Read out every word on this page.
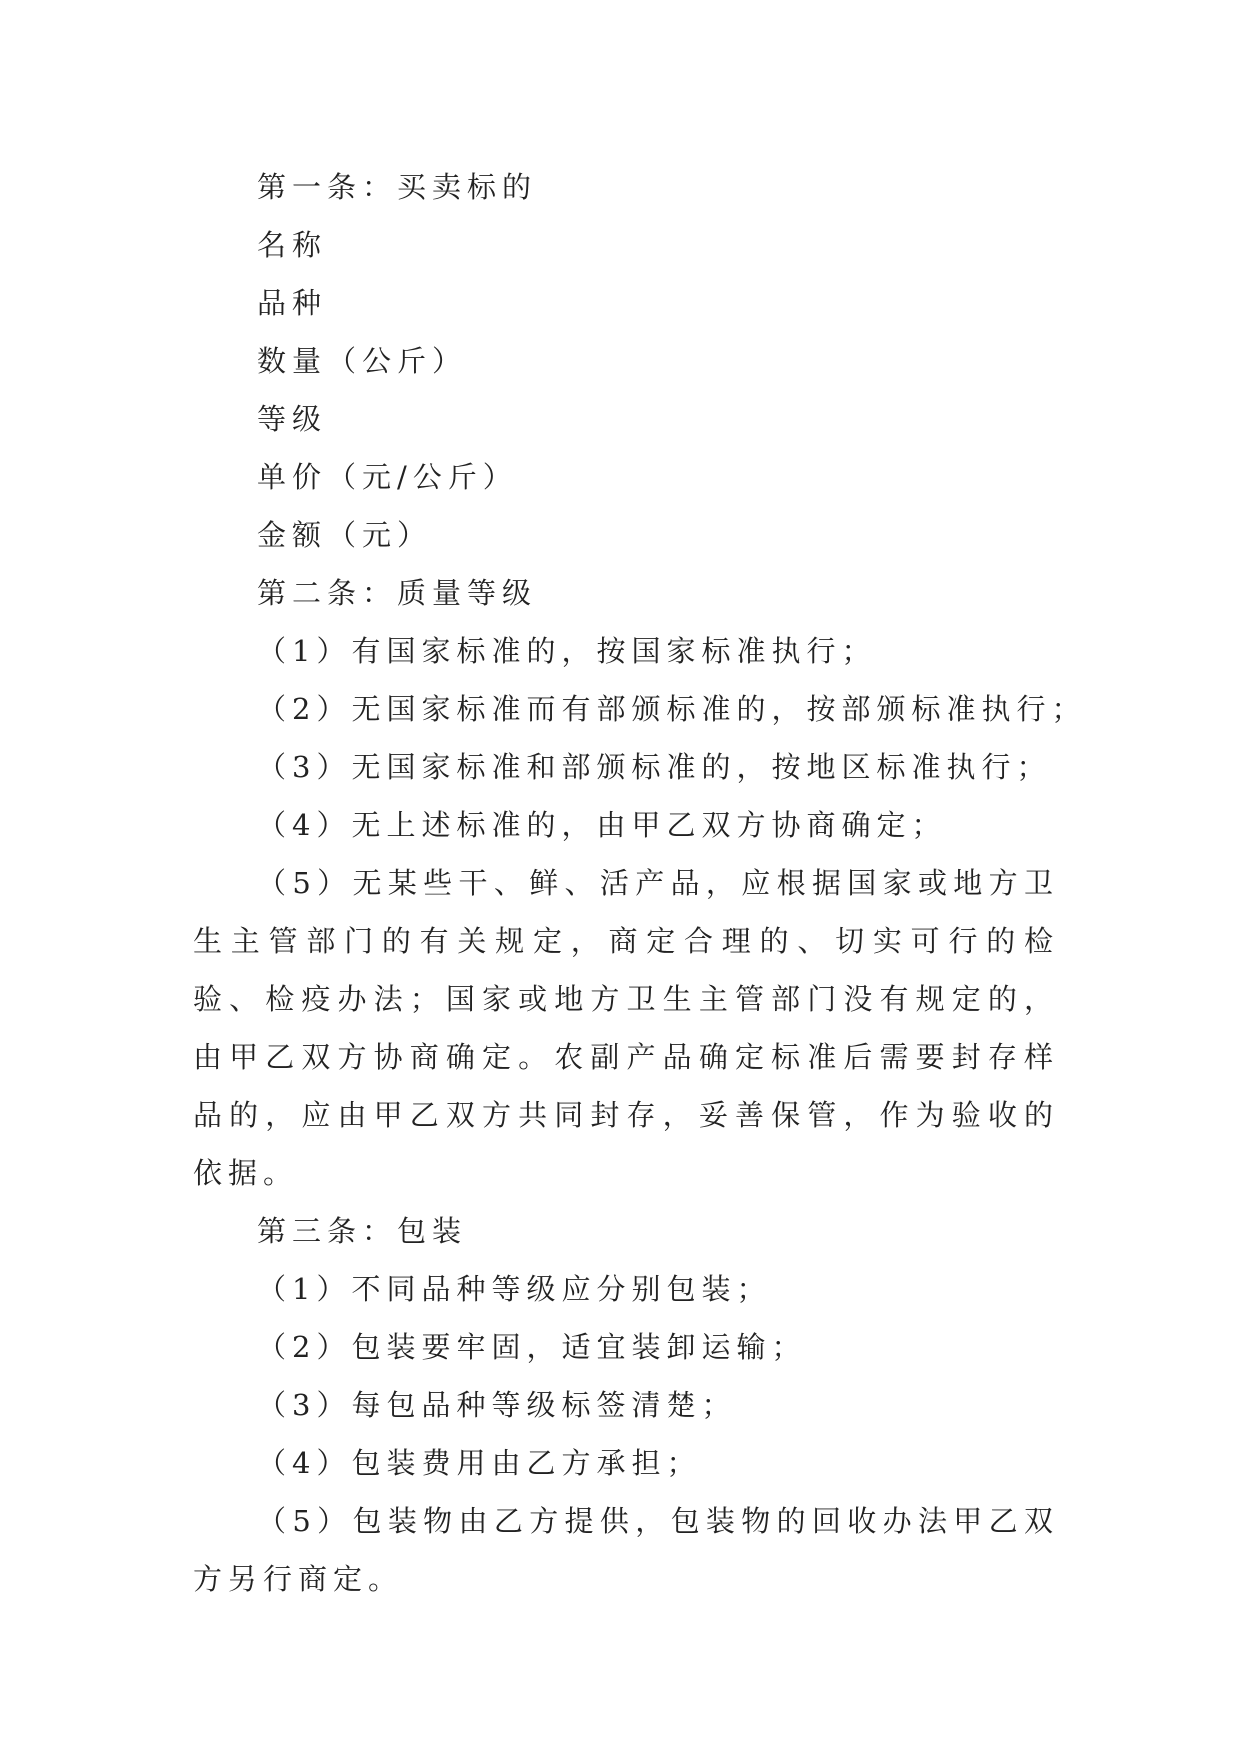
第一条：买卖标的

名称

品种

数量（公斤）

等级

单价（元/公斤）

金额（元）

第二条：质量等级

（1）有国家标准的，按国家标准执行；

（2）无国家标准而有部颁标准的，按部颁标准执行；

（3）无国家标准和部颁标准的，按地区标准执行；

（4）无上述标准的，由甲乙双方协商确定；

（5）无某些干、鲜、活产品，应根据国家或地方卫生主管部门的有关规定，商定合理的、切实可行的检验、检疫办法；国家或地方卫生主管部门没有规定的，由甲乙双方协商确定。农副产品确定标准后需要封存样品的，应由甲乙双方共同封存，妥善保管，作为验收的依据。

第三条：包装

（1）不同品种等级应分别包装；

（2）包装要牢固，适宜装卸运输；

（3）每包品种等级标签清楚；

（4）包装费用由乙方承担；

（5）包装物由乙方提供，包装物的回收办法甲乙双方另行商定。
